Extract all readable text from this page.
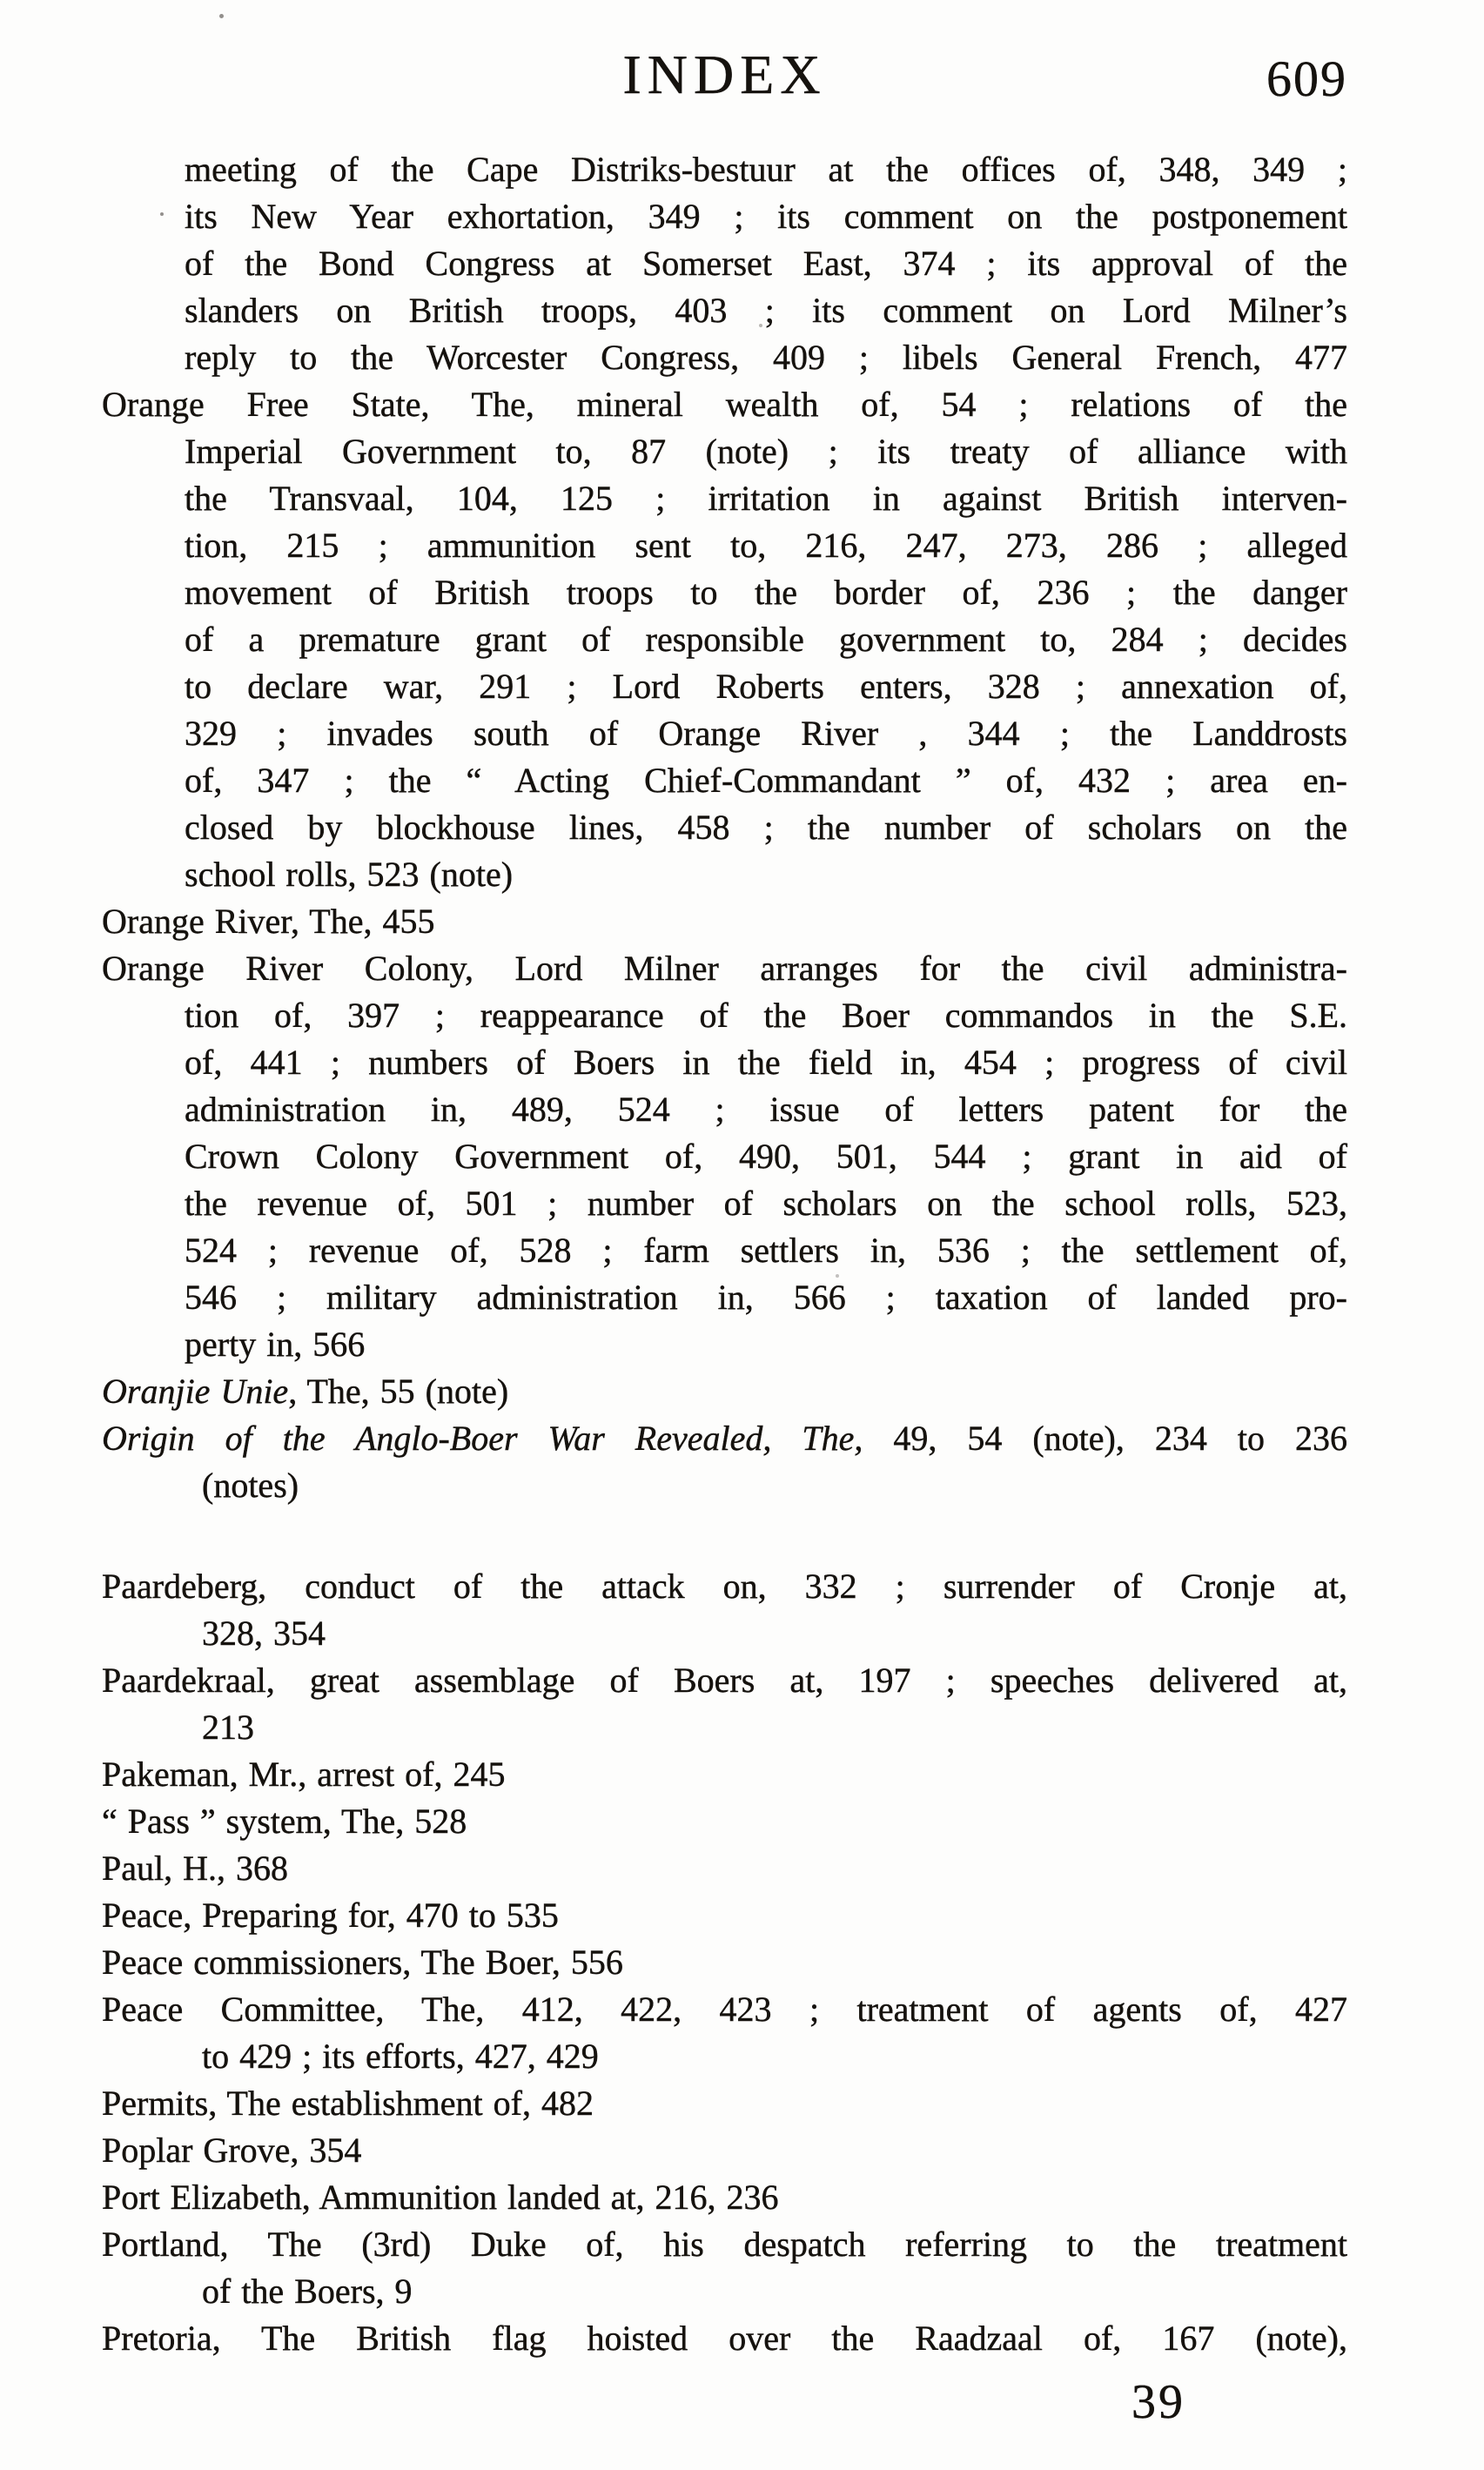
INDEX	609
meeting of the Cape Distriks-bestuur at the offices of, 348, 349 ;
its New Year exhortation, 349 ; its comment on the postponement
of the Bond Congress at Somerset East, 374 ; its approval of the
slanders on British troops, 403 ; its comment on Lord Milner’s
reply to the Worcester Congress, 409 ; libels General French, 477
Orange Free State, The, mineral wealth of, 54 ; relations of the
Imperial Government to, 87 (note) ; its treaty of alliance with
the Transvaal, 104, 125 ; irritation in against British interven-
tion, 215 ; ammunition sent to, 216, 247, 273, 286 ; alleged
movement of British troops to the border of, 236 ; the danger
of a premature grant of responsible government to, 284 ; decides
to declare war, 291 ; Lord Roberts enters, 328 ; annexation of,
329 ; invades south of Orange River , 344 ; the Landdrosts
of, 347 ; the “ Acting Chief-Commandant ” of, 432 ; area en-
closed by blockhouse lines, 458 ; the number of scholars on the
school rolls, 523 (note)
Orange River, The, 455
Orange River Colony, Lord Milner arranges for the civil administra-
tion of, 397 ; reappearance of the Boer commandos in the S.E.
of, 441 ; numbers of Boers in the field in, 454 ; progress of civil
administration in, 489, 524 ; issue of letters patent for the
Crown Colony Government of, 490, 501, 544 ; grant in aid of
the revenue of, 501 ; number of scholars on the school rolls, 523,
524 ; revenue of, 528 ; farm settlers in, 536 ; the settlement of,
546 ; military administration in, 566 ; taxation of landed pro-
perty in, 566
Oranjie Unie, The, 55 (note)
Origin of the Anglo-Boer War Revealed, The, 49, 54 (note), 234 to 236
(notes)
Paardeberg, conduct of the attack on, 332 ; surrender of Cronje at,
328, 354
Paardekraal, great assemblage of Boers at, 197 ; speeches delivered at,
213
Pakeman, Mr., arrest of, 245
“ Pass ” system, The, 528
Paul, H., 368
Peace, Preparing for, 470 to 535
Peace commissioners, The Boer, 556
Peace Committee, The, 412, 422, 423 ; treatment of agents of, 427
to 429 ; its efforts, 427, 429
Permits, The establishment of, 482
Poplar Grove, 354
Port Elizabeth, Ammunition landed at, 216, 236
Portland, The (3rd) Duke of, his despatch referring to the treatment
of the Boers, 9
Pretoria, The British flag hoisted over the Raadzaal of, 167 (note),
39
